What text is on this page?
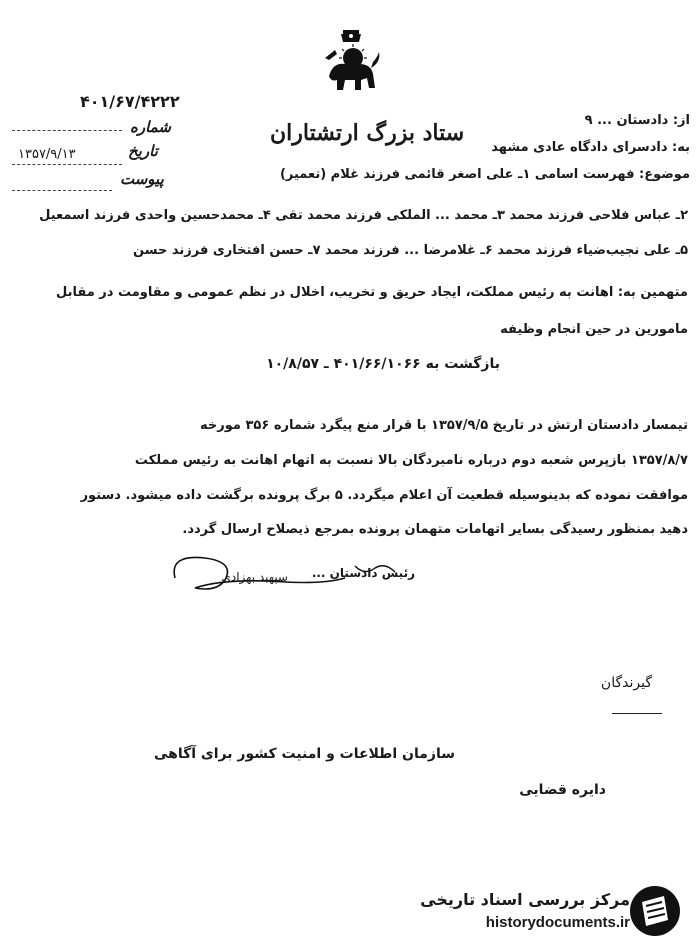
ستاد بزرگ ارتشتاران
۴۰۱/۶۷/۴۲۲۲
شماره
۱۳۵۷/۹/۱۳	تاریخ
پیوست
از: دادستان ... ۹
به: دادسرای دادگاه عادی مشهد
موضوع: فهرست اسامی ۱ـ علی اصغر قائمی فرزند غلام (تعمیر)
۲ـ عباس فلاحی فرزند محمد ۳ـ محمد ... الملکی فرزند محمد تقی ۴ـ محمدحسین واحدی فرزند اسمعیل
۵ـ علی نجیب‌ضیاء فرزند محمد ۶ـ غلامرضا ... فرزند محمد ۷ـ حسن افتخاری فرزند حسن
متهمین به: اهانت به رئیس مملکت، ایجاد حریق و تخریب، اخلال در نظم عمومی و مقاومت در مقابل
مامورین در حین انجام وظیفه
بازگشت به ۴۰۱/۶۶/۱۰۶۶ ـ ۱۰/۸/۵۷
تیمسار دادستان ارتش در تاریخ ۱۳۵۷/۹/۵ با قرار منع پیگرد شماره ۳۵۶ مورخه
۱۳۵۷/۸/۷ بازپرس شعبه دوم درباره نامبردگان بالا نسبت به اتهام اهانت به رئیس مملکت
موافقت نموده که بدینوسیله قطعیت آن اعلام میگردد. ۵ برگ پرونده برگشت داده میشود. دستور
دهید بمنظور رسیدگی بسایر اتهامات متهمان پرونده بمرجع ذیصلاح ارسال گردد.
رئیس دادستان ...
سپهبد بهزادی
گیرندگان
سازمان اطلاعات و امنیت کشور برای آگاهی
دایره قضایی
مرکز بررسی اسناد تاریخی
historydocuments.ir
